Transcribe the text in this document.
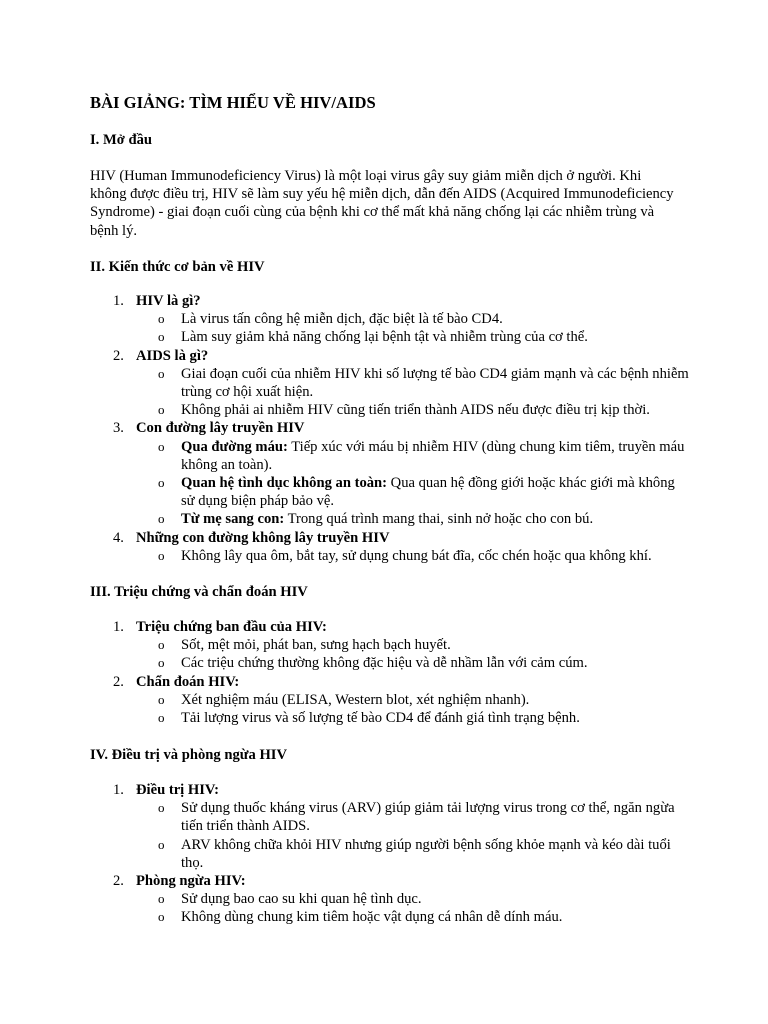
BÀI GIẢNG: TÌM HIỂU VỀ HIV/AIDS
I. Mở đầu
HIV (Human Immunodeficiency Virus) là một loại virus gây suy giảm miễn dịch ở người. Khi không được điều trị, HIV sẽ làm suy yếu hệ miễn dịch, dẫn đến AIDS (Acquired Immunodeficiency Syndrome) - giai đoạn cuối cùng của bệnh khi cơ thể mất khả năng chống lại các nhiễm trùng và bệnh lý.
II. Kiến thức cơ bản về HIV
1. HIV là gì?
o Là virus tấn công hệ miễn dịch, đặc biệt là tế bào CD4.
o Làm suy giảm khả năng chống lại bệnh tật và nhiễm trùng của cơ thể.
2. AIDS là gì?
o Giai đoạn cuối của nhiễm HIV khi số lượng tế bào CD4 giảm mạnh và các bệnh nhiễm trùng cơ hội xuất hiện.
o Không phải ai nhiễm HIV cũng tiến triển thành AIDS nếu được điều trị kịp thời.
3. Con đường lây truyền HIV
o Qua đường máu: Tiếp xúc với máu bị nhiễm HIV (dùng chung kim tiêm, truyền máu không an toàn).
o Quan hệ tình dục không an toàn: Qua quan hệ đồng giới hoặc khác giới mà không sử dụng biện pháp bảo vệ.
o Từ mẹ sang con: Trong quá trình mang thai, sinh nở hoặc cho con bú.
4. Những con đường không lây truyền HIV
o Không lây qua ôm, bắt tay, sử dụng chung bát đĩa, cốc chén hoặc qua không khí.
III. Triệu chứng và chẩn đoán HIV
1. Triệu chứng ban đầu của HIV:
o Sốt, mệt mỏi, phát ban, sưng hạch bạch huyết.
o Các triệu chứng thường không đặc hiệu và dễ nhầm lẫn với cảm cúm.
2. Chẩn đoán HIV:
o Xét nghiệm máu (ELISA, Western blot, xét nghiệm nhanh).
o Tải lượng virus và số lượng tế bào CD4 để đánh giá tình trạng bệnh.
IV. Điều trị và phòng ngừa HIV
1. Điều trị HIV:
o Sử dụng thuốc kháng virus (ARV) giúp giảm tải lượng virus trong cơ thể, ngăn ngừa tiến triển thành AIDS.
o ARV không chữa khỏi HIV nhưng giúp người bệnh sống khỏe mạnh và kéo dài tuổi thọ.
2. Phòng ngừa HIV:
o Sử dụng bao cao su khi quan hệ tình dục.
o Không dùng chung kim tiêm hoặc vật dụng cá nhân dễ dính máu.
